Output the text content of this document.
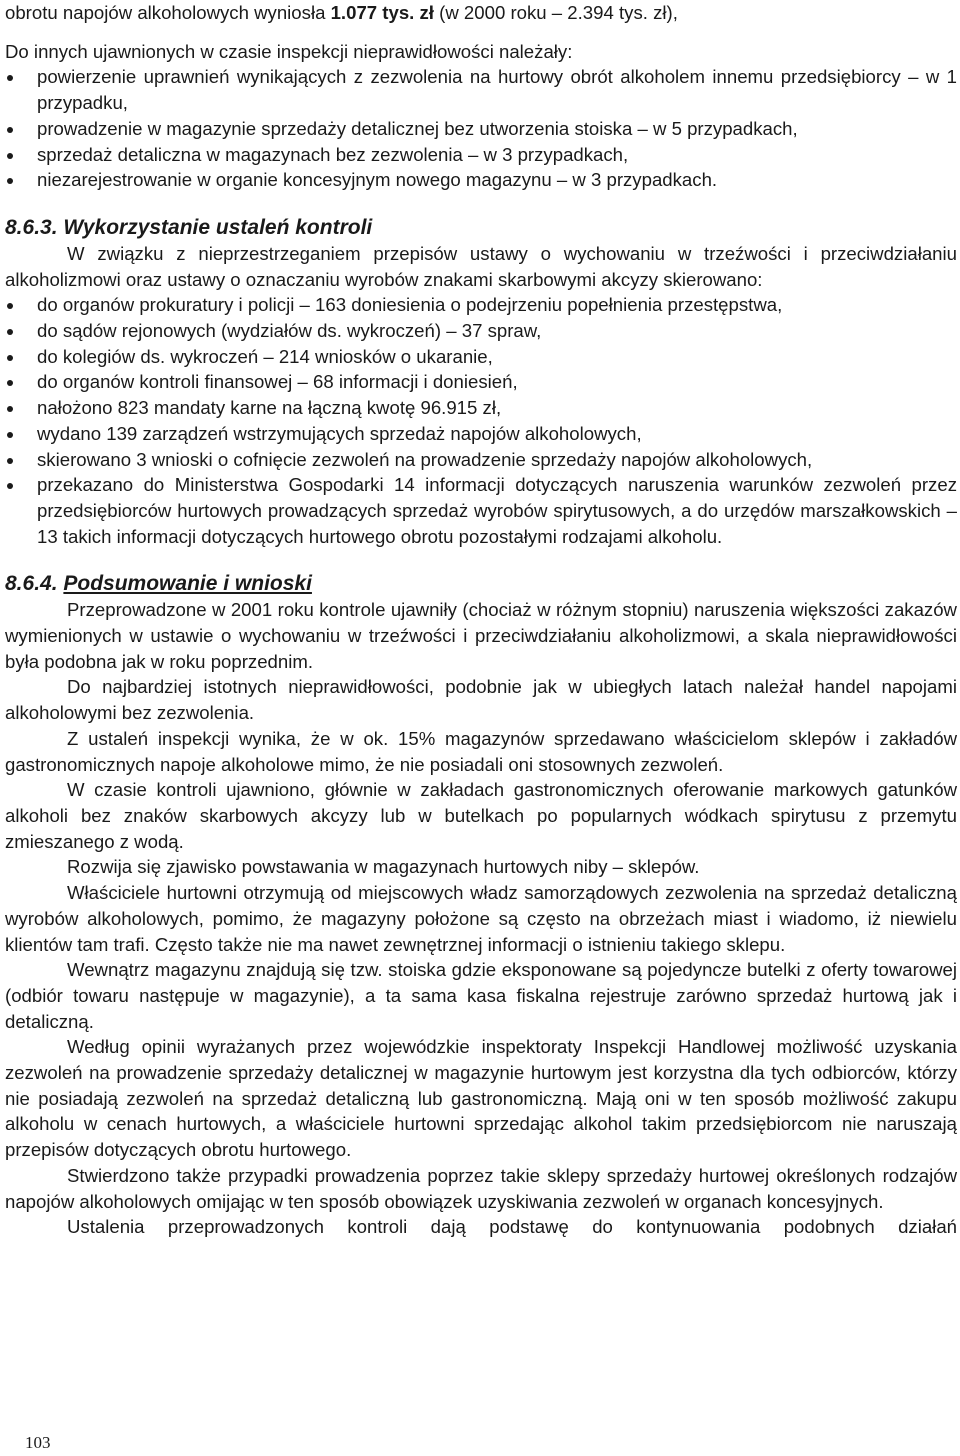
obrotu napojów alkoholowych wyniosła 1.077 tys. zł (w 2000 roku – 2.394 tys. zł),

Do innych ujawnionych w czasie inspekcji nieprawidłowości należały:

powierzenie uprawnień wynikających z zezwolenia na hurtowy obrót alkoholem innemu przedsiębiorcy – w 1 przypadku,
prowadzenie w magazynie sprzedaży detalicznej bez utworzenia stoiska – w 5 przypadkach,
sprzedaż detaliczna w magazynach bez zezwolenia – w 3 przypadkach,
niezarejestrowanie w organie koncesyjnym nowego magazynu – w 3 przypadkach.
8.6.3. Wykorzystanie ustaleń kontroli

W związku z nieprzestrzeganiem przepisów ustawy o wychowaniu w trzeźwości i przeciwdziałaniu alkoholizmowi oraz ustawy o oznaczaniu wyrobów znakami skarbowymi akcyzy skierowano:

do organów prokuratury i policji – 163 doniesienia o podejrzeniu popełnienia przestępstwa,
do sądów rejonowych (wydziałów ds. wykroczeń) – 37 spraw,
do kolegiów ds. wykroczeń – 214 wniosków o ukaranie,
do organów kontroli finansowej – 68 informacji i doniesień,
nałożono 823 mandaty karne na łączną kwotę 96.915 zł,
wydano 139 zarządzeń wstrzymujących sprzedaż napojów alkoholowych,
skierowano 3 wnioski o cofnięcie zezwoleń na prowadzenie sprzedaży napojów alkoholowych,
przekazano do Ministerstwa Gospodarki 14 informacji dotyczących naruszenia warunków zezwoleń przez przedsiębiorców hurtowych prowadzących sprzedaż wyrobów spirytusowych, a do urzędów marszałkowskich – 13 takich informacji dotyczących hurtowego obrotu pozostałymi rodzajami alkoholu.
8.6.4. Podsumowanie i wnioski

Przeprowadzone w 2001 roku kontrole ujawniły (chociaż w różnym stopniu) naruszenia większości zakazów wymienionych w ustawie o wychowaniu w trzeźwości i przeciwdziałaniu alkoholizmowi, a skala nieprawidłowości była podobna jak w roku poprzednim.

Do najbardziej istotnych nieprawidłowości, podobnie jak w ubiegłych latach należał handel napojami alkoholowymi bez zezwolenia.

Z ustaleń inspekcji wynika, że w ok. 15% magazynów sprzedawano właścicielom sklepów i zakładów gastronomicznych napoje alkoholowe mimo, że nie posiadali oni stosownych zezwoleń.

W czasie kontroli ujawniono, głównie w zakładach gastronomicznych oferowanie markowych gatunków alkoholi bez znaków skarbowych akcyzy lub w butelkach po popularnych wódkach spirytusu z przemytu zmieszanego z wodą.

Rozwija się zjawisko powstawania w magazynach hurtowych niby – sklepów.

Właściciele hurtowni otrzymują od miejscowych władz samorządowych zezwolenia na sprzedaż detaliczną wyrobów alkoholowych, pomimo, że magazyny położone są często na obrzeżach miast i wiadomo, iż niewielu klientów tam trafi. Często także nie ma nawet zewnętrznej informacji o istnieniu takiego sklepu.

Wewnątrz magazynu znajdują się tzw. stoiska gdzie eksponowane są pojedyncze butelki z oferty towarowej (odbiór towaru następuje w magazynie), a ta sama kasa fiskalna rejestruje zarówno sprzedaż hurtową jak i detaliczną.

Według opinii wyrażanych przez wojewódzkie inspektoraty Inspekcji Handlowej możliwość uzyskania zezwoleń na prowadzenie sprzedaży detalicznej w magazynie hurtowym jest korzystna dla tych odbiorców, którzy nie posiadają zezwoleń na sprzedaż detaliczną lub gastronomiczną. Mają oni w ten sposób możliwość zakupu alkoholu w cenach hurtowych, a właściciele hurtowni sprzedając alkohol takim przedsiębiorcom nie naruszają przepisów dotyczących obrotu hurtowego.

Stwierdzono także przypadki prowadzenia poprzez takie sklepy sprzedaży hurtowej określonych rodzajów napojów alkoholowych omijając w ten sposób obowiązek uzyskiwania zezwoleń w organach koncesyjnych.

Ustalenia przeprowadzonych kontroli dają podstawę do kontynuowania podobnych działań

103
